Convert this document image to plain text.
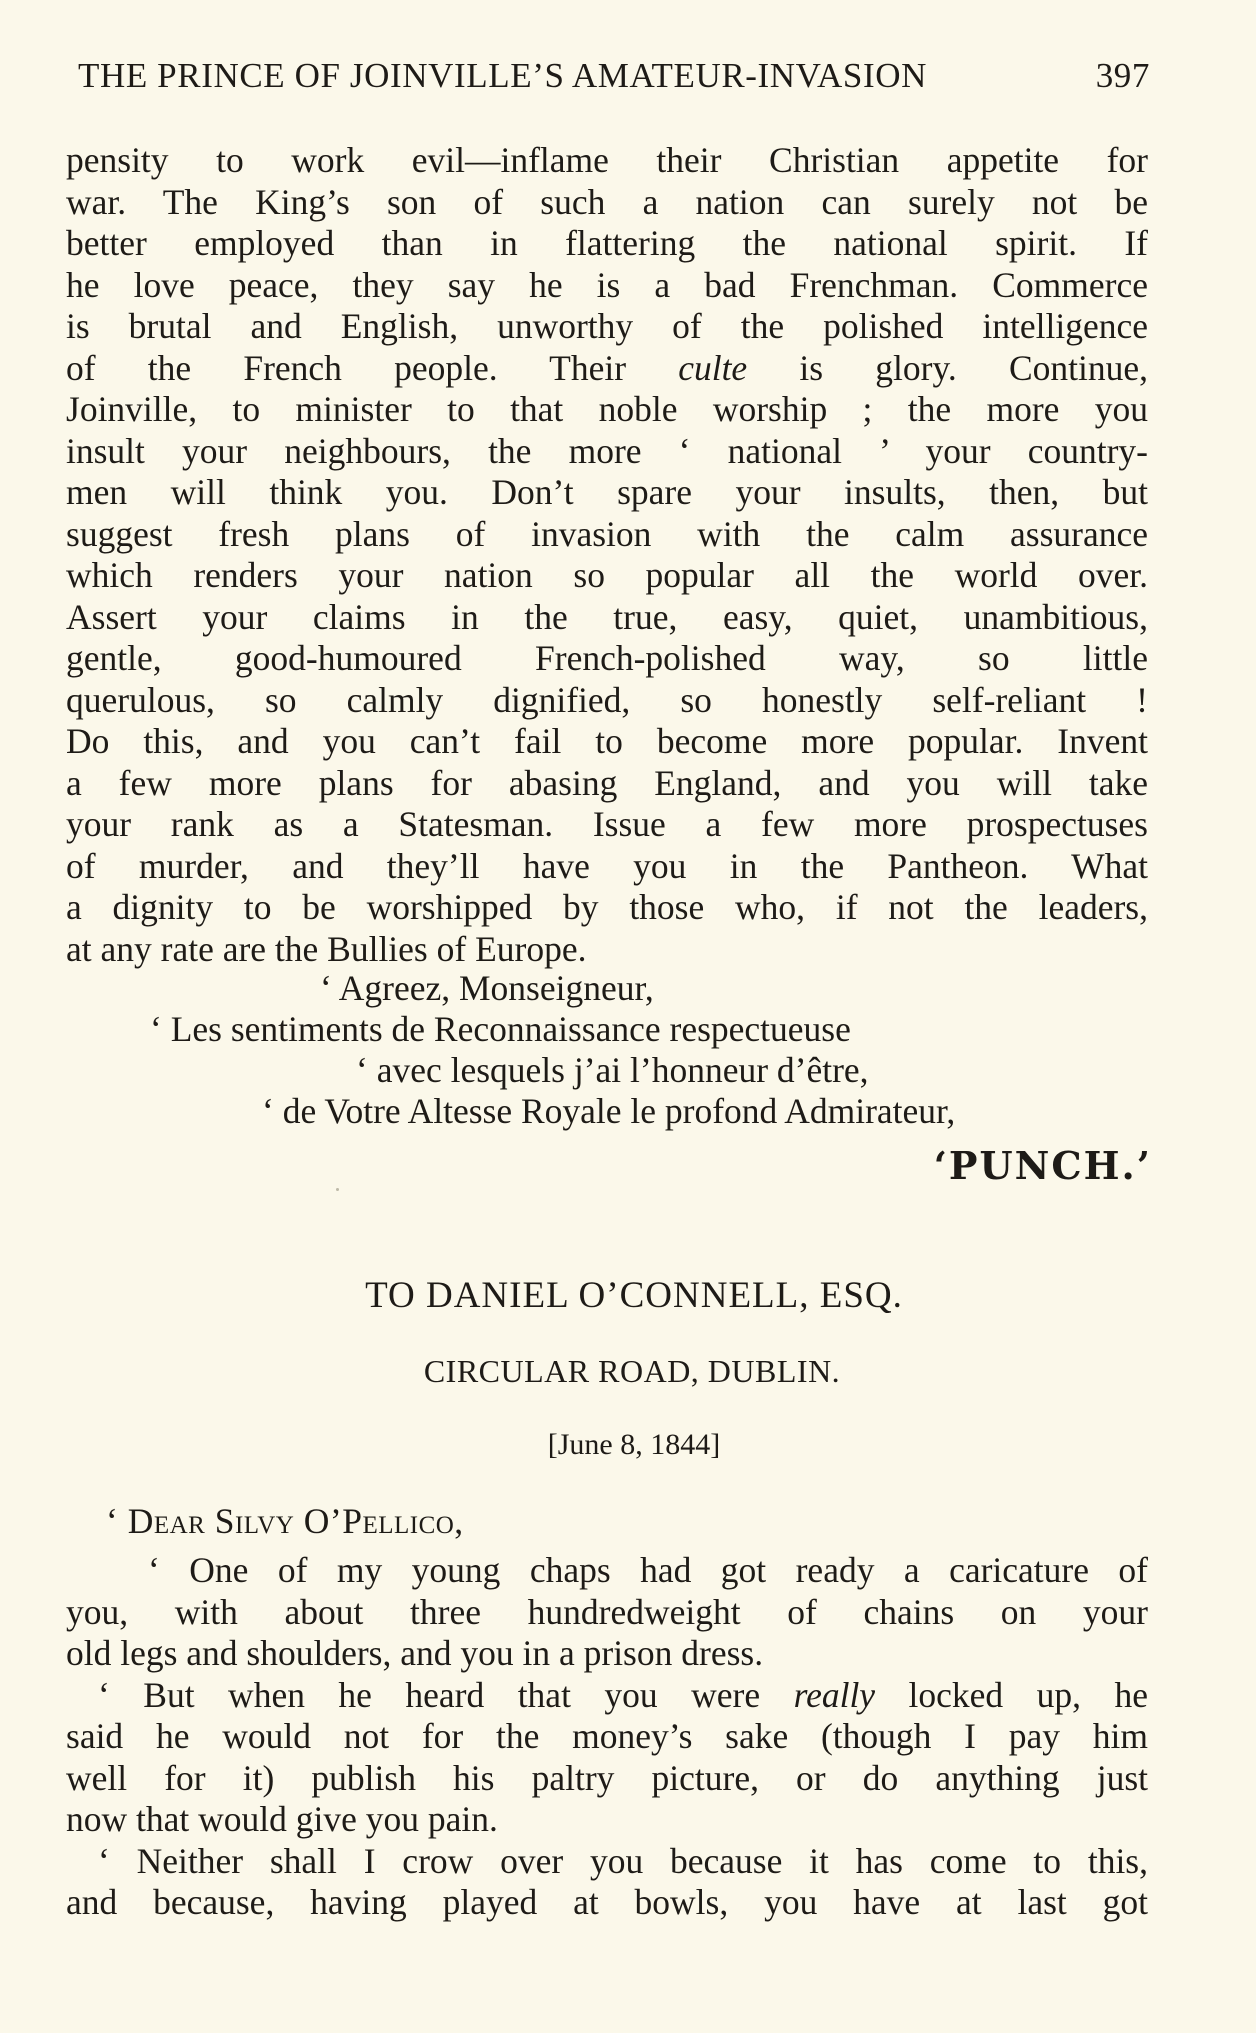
THE PRINCE OF JOINVILLE’S AMATEUR-INVASION	397
pensity to work evil—inflame their Christian appetite for
war. The King’s son of such a nation can surely not be
better employed than in flattering the national spirit. If
he love peace, they say he is a bad Frenchman. Commerce
is brutal and English, unworthy of the polished intelligence
of the French people. Their culte is glory. Continue,
Joinville, to minister to that noble worship ; the more you
insult your neighbours, the more ‘ national ’ your country-
men will think you. Don’t spare your insults, then, but
suggest fresh plans of invasion with the calm assurance
which renders your nation so popular all the world over.
Assert your claims in the true, easy, quiet, unambitious,
gentle, good-humoured French-polished way, so little
querulous, so calmly dignified, so honestly self-reliant !
Do this, and you can’t fail to become more popular. Invent
a few more plans for abasing England, and you will take
your rank as a Statesman. Issue a few more prospectuses
of murder, and they’ll have you in the Pantheon. What
a dignity to be worshipped by those who, if not the leaders,
at any rate are the Bullies of Europe.
‘ Agreez, Monseigneur,
‘ Les sentiments de Reconnaissance respectueuse
‘ avec lesquels j’ai l’honneur d’être,
‘ de Votre Altesse Royale le profond Admirateur,
‘PUNCH.’
TO DANIEL O’CONNELL, ESQ.
CIRCULAR ROAD, DUBLIN.
[June 8, 1844]
‘ Dear Silvy O’Pellico,
‘ One of my young chaps had got ready a caricature of
you, with about three hundredweight of chains on your
old legs and shoulders, and you in a prison dress.
‘ But when he heard that you were really locked up, he
said he would not for the money’s sake (though I pay him
well for it) publish his paltry picture, or do anything just
now that would give you pain.
‘ Neither shall I crow over you because it has come to this,
and because, having played at bowls, you have at last got
